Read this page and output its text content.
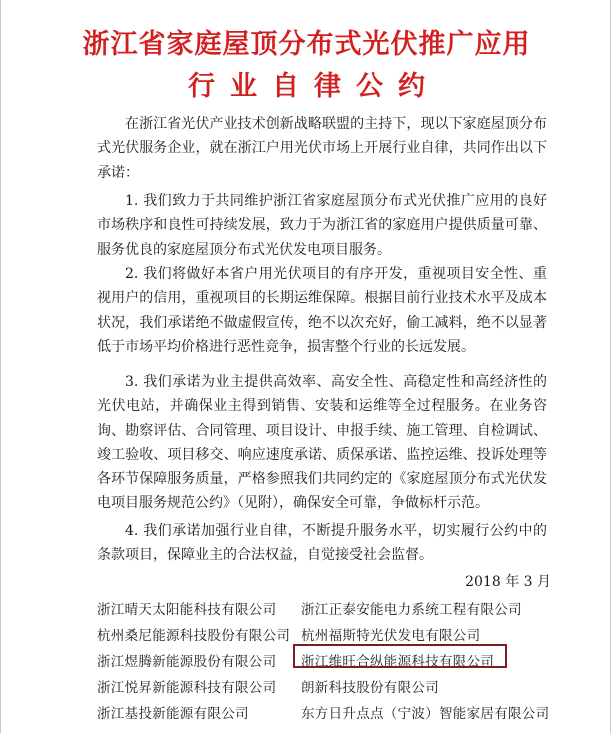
浙江省家庭屋顶分布式光伏推广应用
行业自律公约

在浙江省光伏产业技术创新战略联盟的主持下，现以下家庭屋顶分布式光伏服务企业，就在浙江户用光伏市场上开展行业自律，共同作出以下承诺：

1. 我们致力于共同维护浙江省家庭屋顶分布式光伏推广应用的良好市场秩序和良性可持续发展，致力于为浙江省的家庭用户提供质量可靠、服务优良的家庭屋顶分布式光伏发电项目服务。

2. 我们将做好本省户用光伏项目的有序开发，重视项目安全性、重视用户的信用，重视项目的长期运维保障。根据目前行业技术水平及成本状况，我们承诺绝不做虚假宣传，绝不以次充好，偷工减料，绝不以显著低于市场平均价格进行恶性竞争，损害整个行业的长远发展。

3. 我们承诺为业主提供高效率、高安全性、高稳定性和高经济性的光伏电站，并确保业主得到销售、安装和运维等全过程服务。在业务咨询、勘察评估、合同管理、项目设计、申报手续、施工管理、自检调试、竣工验收、项目移交、响应速度承诺、质保承诺、监控运维、投诉处理等各环节保障服务质量，严格参照我们共同约定的《家庭屋顶分布式光伏发电项目服务规范公约》（见附），确保安全可靠，争做标杆示范。

4. 我们承诺加强行业自律，不断提升服务水平，切实履行公约中的条款项目，保障业主的合法权益，自觉接受社会监督。

2018 年 3 月
浙江晴天太阳能科技有限公司 浙江正泰安能电力系统工程有限公司
杭州桑尼能源科技股份有限公司 杭州福斯特光伏发电有限公司
浙江煜腾新能源股份有限公司 浙江维旺合纵能源科技有限公司
浙江悦昇新能源科技有限公司 朗新科技股份有限公司
浙江基投新能源有限公司	东方日升点点（宁波）智能家居有限公司
